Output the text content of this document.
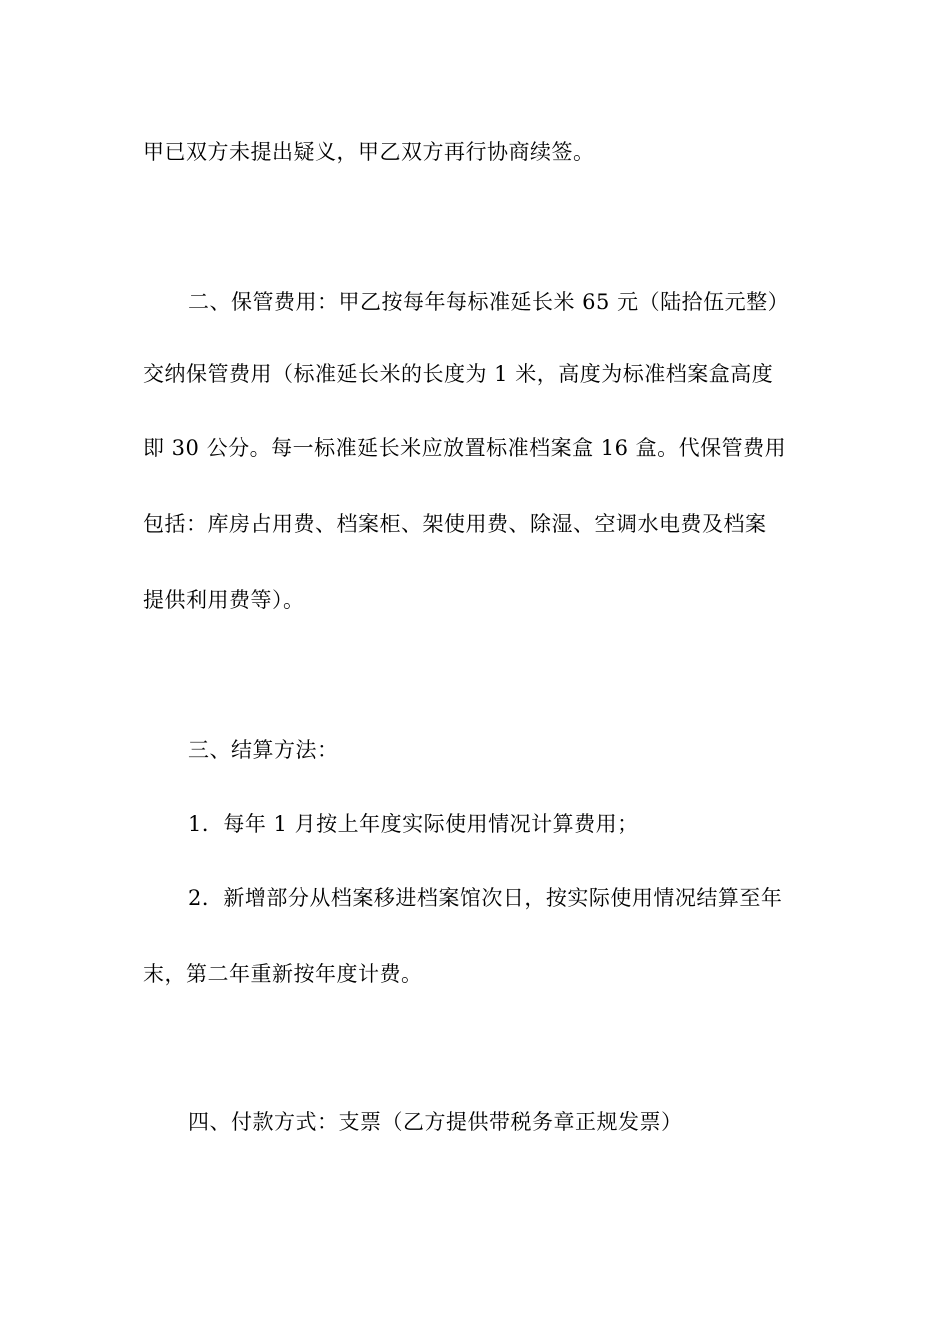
甲已双方未提出疑义，甲乙双方再行协商续签。
二、保管费用：甲乙按每年每标准延长米 65 元（陆拾伍元整）
交纳保管费用（标准延长米的长度为 1 米，高度为标准档案盒高度
即 30 公分。每一标准延长米应放置标准档案盒 16 盒。代保管费用
包括：库房占用费、档案柜、架使用费、除湿、空调水电费及档案
提供利用费等）。
三、结算方法：
1．每年 1 月按上年度实际使用情况计算费用；
2．新增部分从档案移进档案馆次日，按实际使用情况结算至年
末，第二年重新按年度计费。
四、付款方式：支票（乙方提供带税务章正规发票）
